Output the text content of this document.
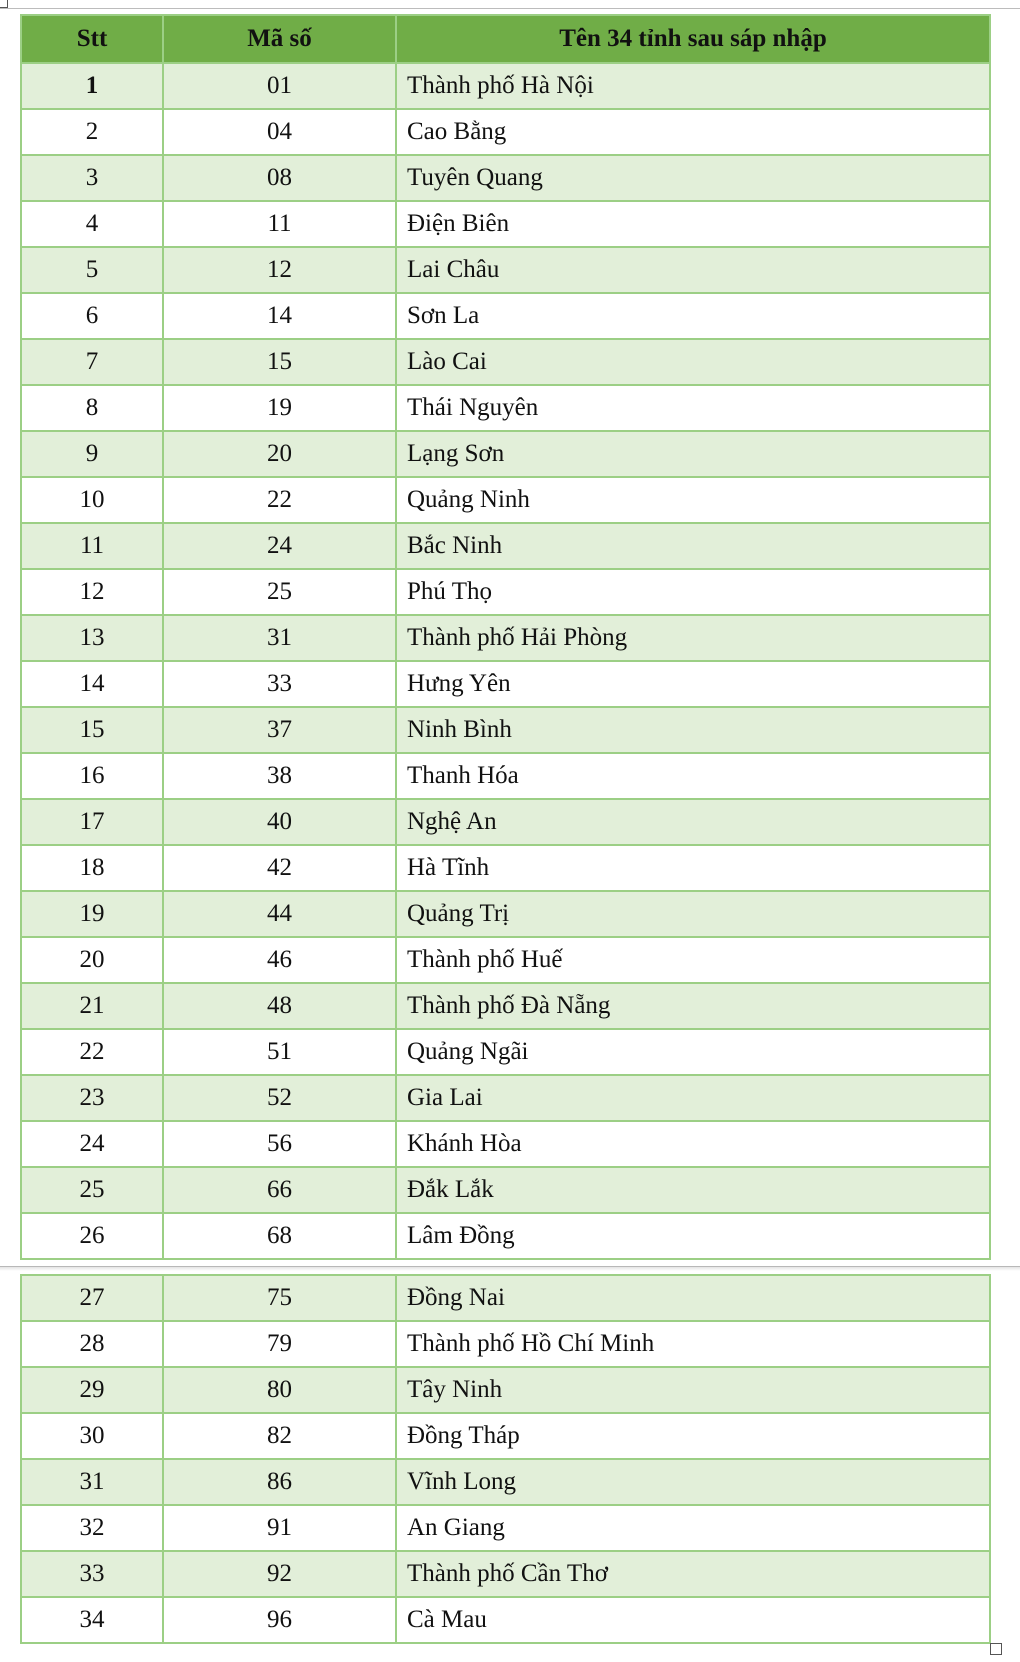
Stt	Mã số	Tên 34 tỉnh sau sáp nhập
1	01	Thành phố Hà Nội
2	04	Cao Bằng
3	08	Tuyên Quang
4	11	Điện Biên
5	12	Lai Châu
6	14	Sơn La
7	15	Lào Cai
8	19	Thái Nguyên
9	20	Lạng Sơn
10	22	Quảng Ninh
11	24	Bắc Ninh
12	25	Phú Thọ
13	31	Thành phố Hải Phòng
14	33	Hưng Yên
15	37	Ninh Bình
16	38	Thanh Hóa
17	40	Nghệ An
18	42	Hà Tĩnh
19	44	Quảng Trị
20	46	Thành phố Huế
21	48	Thành phố Đà Nẵng
22	51	Quảng Ngãi
23	52	Gia Lai
24	56	Khánh Hòa
25	66	Đắk Lắk
26	68	Lâm Đồng
27	75	Đồng Nai
28	79	Thành phố Hồ Chí Minh
29	80	Tây Ninh
30	82	Đồng Tháp
31	86	Vĩnh Long
32	91	An Giang
33	92	Thành phố Cần Thơ
34	96	Cà Mau
